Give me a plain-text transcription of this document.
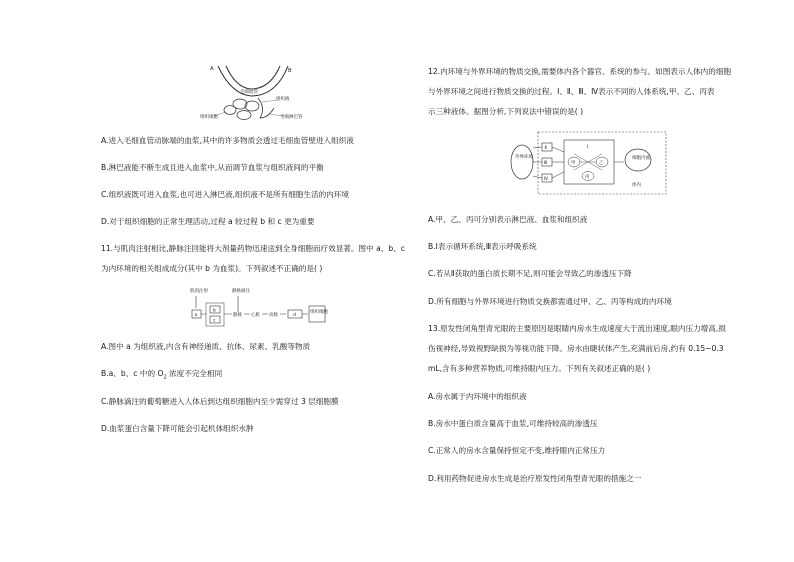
A	B
毛细血管
组织液
组织细胞	毛细淋巴管
A.进入毛细血管动脉端的血浆,其中的许多物质会透过毛细血管壁进入组织液
B.淋巴液能不断生成且进入血浆中,从而调节血浆与组织液间的平衡
C.组织液既可进入血浆,也可进入淋巴液,组织液不是所有细胞生活的内环境
D.对于组织细胞的正常生理活动,过程 a 较过程 b 和 c 更为重要
11.与肌肉注射相比,静脉注回能将大剂量药物迅速送到全身细胞而疗效显著。图中 a、b、c
为内环境的相关组成成分(其中 b 为血浆)。下列叙述不正确的是( )
肌肉注射	静脉滴注
a
b
c
静脉 心脏 动脉	d
组织细胞
A.图中 a 为组织液,内含有神经递质、抗体、尿素、乳酸等物质
B.a、b、c 中的 $O_2$ 浓度不完全相同
C.静脉滴注的葡萄糖进入人体后到达组织细胞内至少需穿过 3 层细胞膜
D.血浆蛋白含量下降可能会引起机体组织水肿
12.内环境与外界环境的物质交换,需要体内各个器官、系统的参与。如图表示人体内的细胞
与外界环境之间进行物质交换的过程。Ⅰ、Ⅱ、Ⅲ、Ⅳ表示不同的人体系统,甲、乙、丙表
示三种液体。据图分析,下列说法中错误的是( )
外界环境
Ⅱ
Ⅲ
Ⅳ
Ⅰ
甲	乙
丙
细胞内液
体内
A.甲、乙、丙可分别表示淋巴液、血浆和组织液
B.Ⅰ表示循环系统,Ⅲ表示呼吸系统
C.若从Ⅱ获取的蛋白质长期不足,则可能会导致乙的渗透压下降
D.所有细胞与外界环境进行物质交换都需通过甲、乙、丙等构成的内环境
13.原发性闭角型青光眼的主要原因是眼睛内房水生成速度大于流出速度,眼内压力增高,损
伤视神经,导致视野缺损为等视功能下降。房水由睫状体产生,充满前后房,约有 0.15~0.3
mL,含有多种营养物质,可维持眼内压力。下列有关叙述正确的是( )
A.房水属于内环境中的组织液
B.房水中蛋白质含量高于血浆,可维持较高的渗透压
C.正常人的房水含量保持恒定不变,维持眼内正常压力
D.利用药物促进房水生成是治疗原发性闭角型青光眼的措施之一
